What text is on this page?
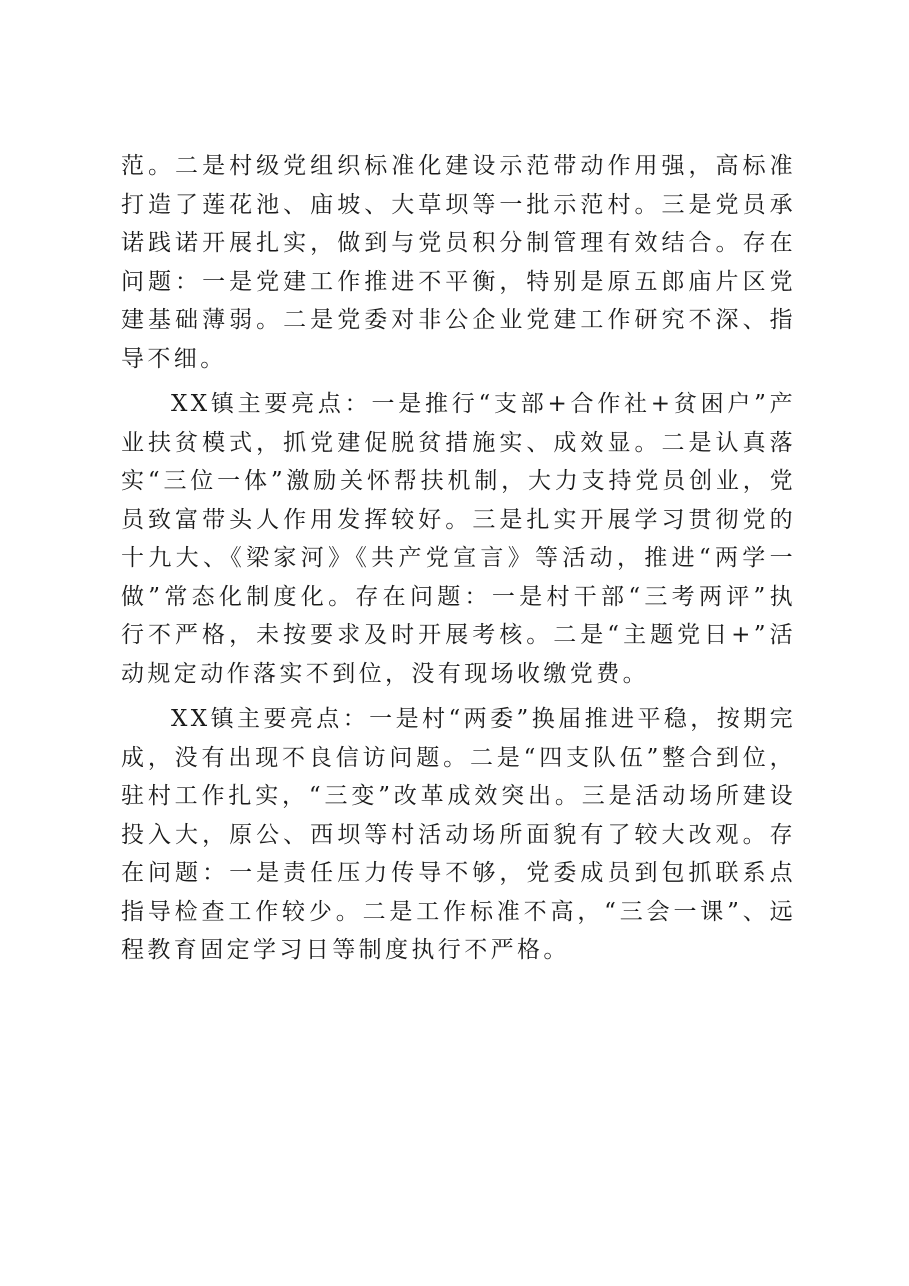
范。二是村级党组织标准化建设示范带动作用强，高标准打造了莲花池、庙坡、大草坝等一批示范村。三是党员承诺践诺开展扎实，做到与党员积分制管理有效结合。存在问题：一是党建工作推进不平衡，特别是原五郎庙片区党建基础薄弱。二是党委对非公企业党建工作研究不深、指导不细。

XX镇主要亮点：一是推行“支部+合作社+贫困户”产业扶贫模式，抓党建促脱贫措施实、成效显。二是认真落实“三位一体”激励关怀帮扶机制，大力支持党员创业，党员致富带头人作用发挥较好。三是扎实开展学习贯彻党的十九大、《梁家河》《共产党宣言》等活动，推进“两学一做”常态化制度化。存在问题：一是村干部“三考两评”执行不严格，未按要求及时开展考核。二是“主题党日+”活动规定动作落实不到位，没有现场收缴党费。

XX镇主要亮点：一是村“两委”换届推进平稳，按期完成，没有出现不良信访问题。二是“四支队伍”整合到位，驻村工作扎实，“三变”改革成效突出。三是活动场所建设投入大，原公、西坝等村活动场所面貌有了较大改观。存在问题：一是责任压力传导不够，党委成员到包抓联系点指导检查工作较少。二是工作标准不高，“三会一课”、远程教育固定学习日等制度执行不严格。
